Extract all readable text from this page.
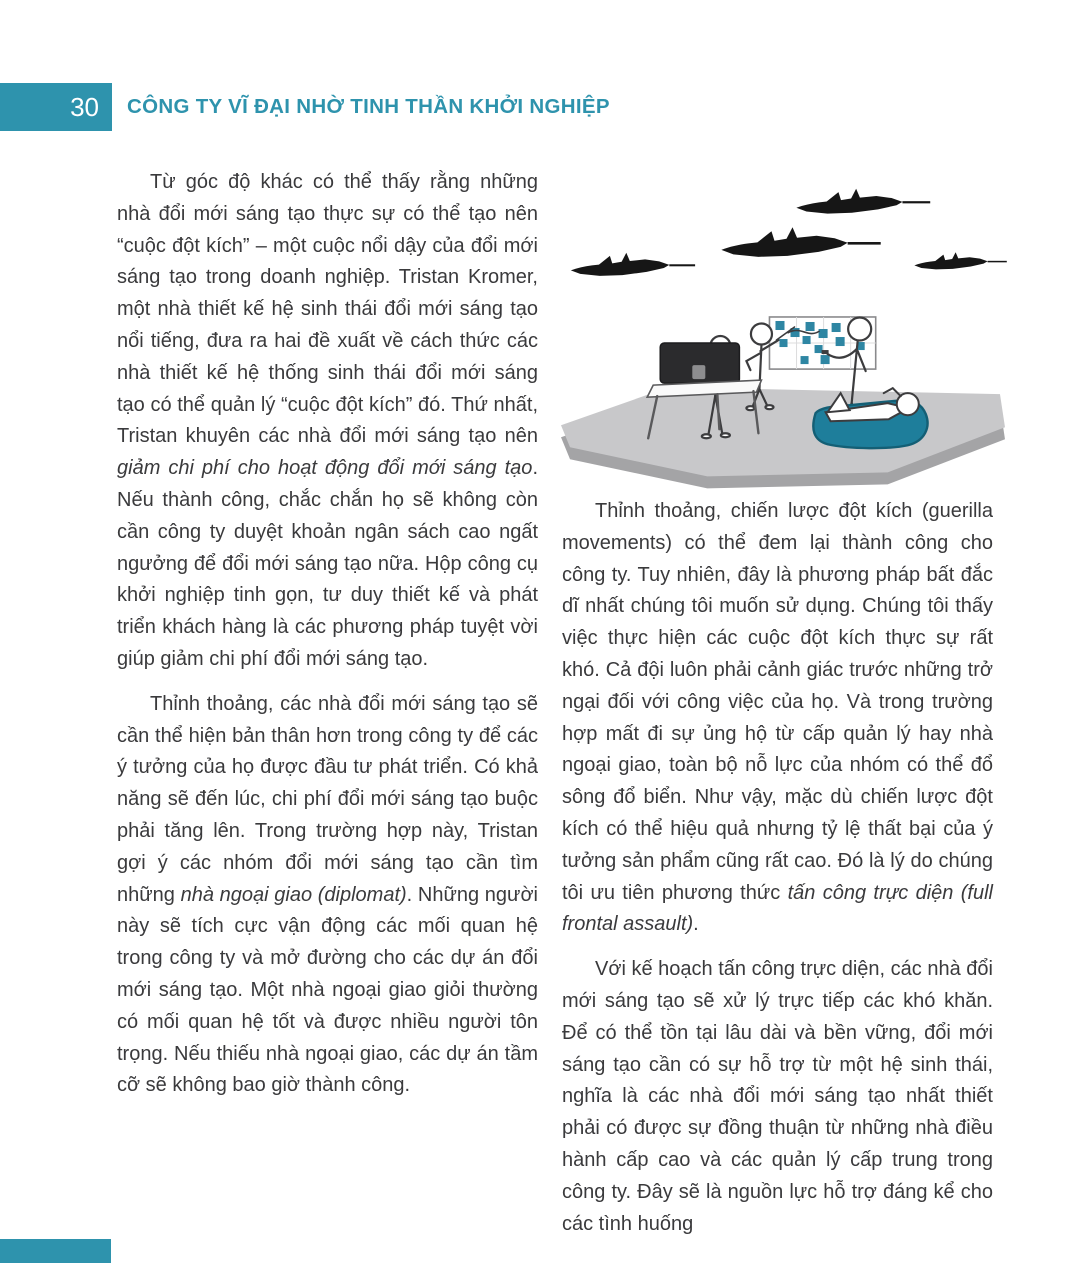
30 CÔNG TY VĨ ĐẠI NHỜ TINH THẦN KHỞI NGHIỆP

Từ góc độ khác có thể thấy rằng những nhà đổi mới sáng tạo thực sự có thể tạo nên “cuộc đột kích” – một cuộc nổi dậy của đổi mới sáng tạo trong doanh nghiệp. Tristan Kromer, một nhà thiết kế hệ sinh thái đổi mới sáng tạo nổi tiếng, đưa ra hai đề xuất về cách thức các nhà thiết kế hệ thống sinh thái đổi mới sáng tạo có thể quản lý “cuộc đột kích” đó. Thứ nhất, Tristan khuyên các nhà đổi mới sáng tạo nên giảm chi phí cho hoạt động đổi mới sáng tạo. Nếu thành công, chắc chắn họ sẽ không còn cần công ty duyệt khoản ngân sách cao ngất ngưởng để đổi mới sáng tạo nữa. Hộp công cụ khởi nghiệp tinh gọn, tư duy thiết kế và phát triển khách hàng là các phương pháp tuyệt vời giúp giảm chi phí đổi mới sáng tạo.

Thỉnh thoảng, các nhà đổi mới sáng tạo sẽ cần thể hiện bản thân hơn trong công ty để các ý tưởng của họ được đầu tư phát triển. Có khả năng sẽ đến lúc, chi phí đổi mới sáng tạo buộc phải tăng lên. Trong trường hợp này, Tristan gợi ý các nhóm đổi mới sáng tạo cần tìm những nhà ngoại giao (diplomat). Những người này sẽ tích cực vận động các mối quan hệ trong công ty và mở đường cho các dự án đổi mới sáng tạo. Một nhà ngoại giao giỏi thường có mối quan hệ tốt và được nhiều người tôn trọng. Nếu thiếu nhà ngoại giao, các dự án tầm cỡ sẽ không bao giờ thành công.

Thỉnh thoảng, chiến lược đột kích (guerilla movements) có thể đem lại thành công cho công ty. Tuy nhiên, đây là phương pháp bất đắc dĩ nhất chúng tôi muốn sử dụng. Chúng tôi thấy việc thực hiện các cuộc đột kích thực sự rất khó. Cả đội luôn phải cảnh giác trước những trở ngại đối với công việc của họ. Và trong trường hợp mất đi sự ủng hộ từ cấp quản lý hay nhà ngoại giao, toàn bộ nỗ lực của nhóm có thể đổ sông đổ biển. Như vậy, mặc dù chiến lược đột kích có thể hiệu quả nhưng tỷ lệ thất bại của ý tưởng sản phẩm cũng rất cao. Đó là lý do chúng tôi ưu tiên phương thức tấn công trực diện (full frontal assault).

Với kế hoạch tấn công trực diện, các nhà đổi mới sáng tạo sẽ xử lý trực tiếp các khó khăn. Để có thể tồn tại lâu dài và bền vững, đổi mới sáng tạo cần có sự hỗ trợ từ một hệ sinh thái, nghĩa là các nhà đổi mới sáng tạo nhất thiết phải có được sự đồng thuận từ những nhà điều hành cấp cao và các quản lý cấp trung trong công ty. Đây sẽ là nguồn lực hỗ trợ đáng kể cho các tình huống
